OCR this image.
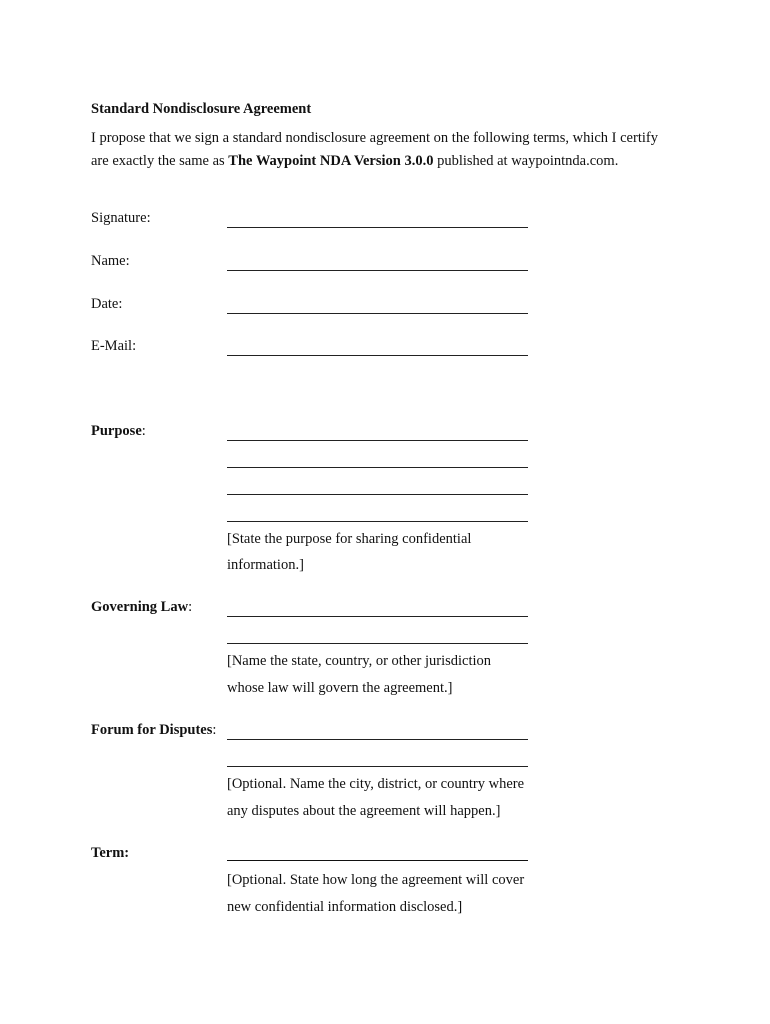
Standard Nondisclosure Agreement
I propose that we sign a standard nondisclosure agreement on the following terms, which I certify are exactly the same as The Waypoint NDA Version 3.0.0 published at waypointnda.com.
Signature:
Name:
Date:
E-Mail:
Purpose:
[State the purpose for sharing confidential
information.]
Governing Law:
[Name the state, country, or other jurisdiction
whose law will govern the agreement.]
Forum for Disputes:
[Optional. Name the city, district, or country where
any disputes about the agreement will happen.]
Term:
[Optional. State how long the agreement will cover
new confidential information disclosed.]
